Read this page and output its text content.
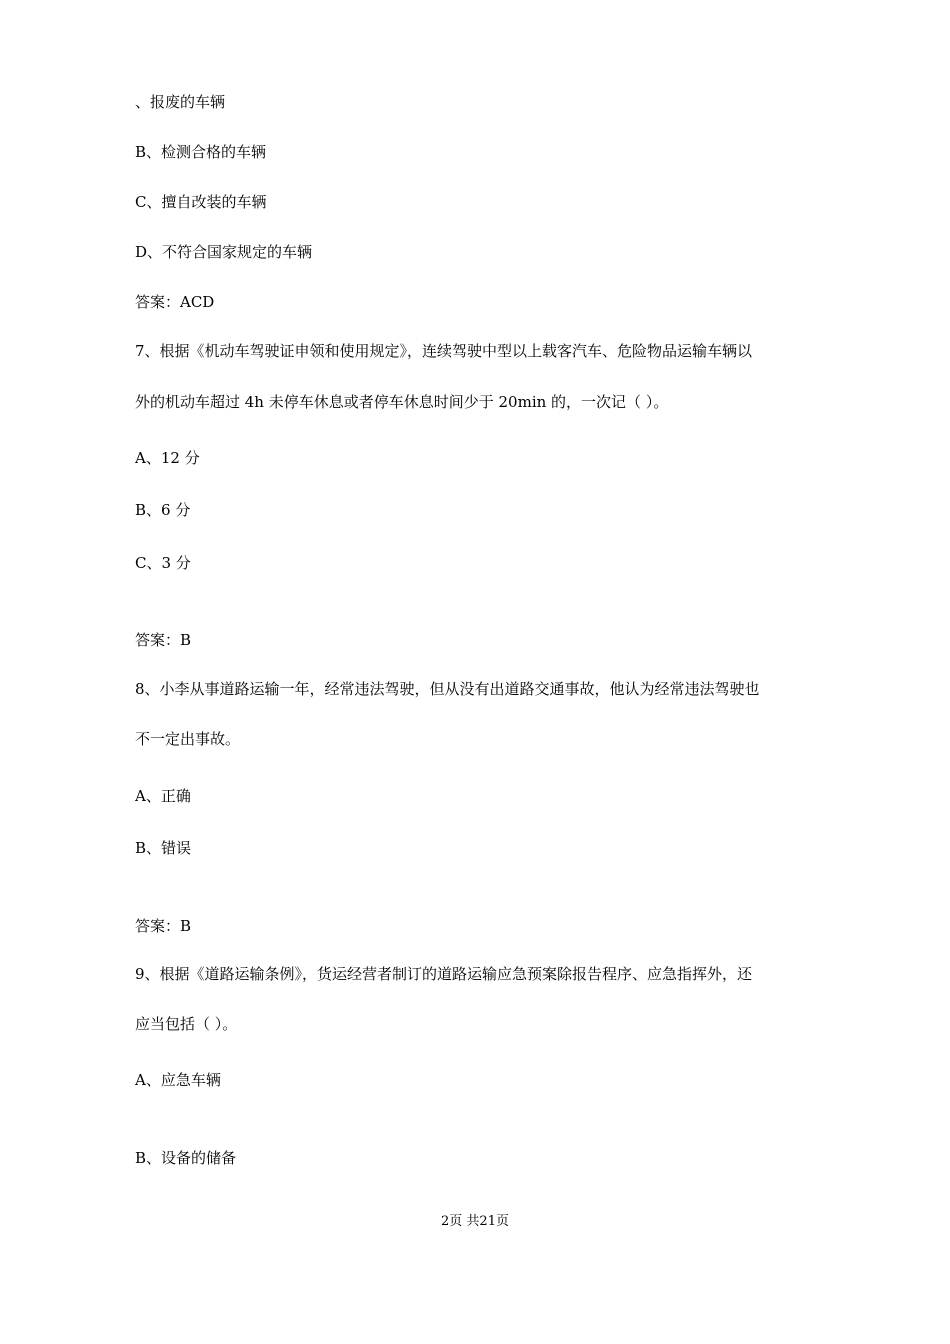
、报废的车辆
B、检测合格的车辆
C、擅自改装的车辆
D、不符合国家规定的车辆
答案：ACD
7、根据《机动车驾驶证申领和使用规定》，连续驾驶中型以上载客汽车、危险物品运输车辆以
外的机动车超过 4h 未停车休息或者停车休息时间少于 20min 的，一次记（ ）。
A、12 分
B、6 分
C、3 分
答案：B
8、小李从事道路运输一年，经常违法驾驶，但从没有出道路交通事故，他认为经常违法驾驶也
不一定出事故。
A、正确
B、错误
答案：B
9、根据《道路运输条例》，货运经营者制订的道路运输应急预案除报告程序、应急指挥外，还
应当包括（ ）。
A、应急车辆
B、设备的储备
2页 共21页
